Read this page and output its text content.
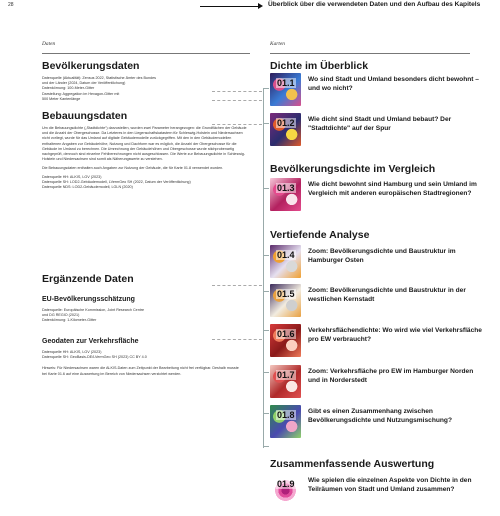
28	Überblick über die verwendeten Daten und den Aufbau des Kapitels
Daten	Karten
Bevölkerungsdaten
Datenquelle (Aktualität): Zensus 2022, Statistische Ämter des Bundes
und der Länder (2024, Datum der Veröffentlichung)
Datenkörnung: 100-Meter-Gitter
Darstellung: Aggregation im Hexagon-Gitter mit
500 Meter Kantenlänge
Bebauungsdaten

Um die Bebauungsdichte („Stadtdichte“) darzustellen, wurden zwei Parameter herangezogen: die Grundflächen der Gebäude und die Anzahl der Obergeschosse. Da Letzteres in den Liegenschaftskatastern für Schleswig-Holstein und Niedersachsen nicht vorliegt, wurde für das Umland auf digitale Gebäudemodelle zurückgegriffen. Mit den in den Gebäudemodellen enthaltenen Angaben zur Gebäudehöhe, Nutzung und Dachform war es möglich, die Anzahl der Obergeschosse für die Gebäude im Umland zu berechnen. Die Umrechnung der Gebäudehöhen und Obergeschosse wurde stichprobenartig nachgeprüft, dennoch sind einzelne Fehlberechnungen nicht ausgeschlossen. Die Werte zur Bebauungsdichte in Schleswig-Holstein und Niedersachsen sind somit als Näherungswerte zu verstehen.

Die Bebauungsdaten enthalten auch Angaben zur Nutzung der Gebäude, die für Karte 01.8 verwendet wurden.

Datenquelle HH: ALKIS, LGV (2023)
Datenquelle SH: LOD2-Gebäudemodell, LVermGeo SH (2022, Datum der Veröffentlichung)
Datenquelle NDS: LOD2-Gebäudemodell, LGLN (2020)

Ergänzende Daten
EU-Bevölkerungsschätzung
Datenquelle: Europäische Kommission, Joint Research Centre
und DG REGIO (2021)
Datenkörnung: 1-Kilometer-Gitter
Geodaten zur Verkehrsfläche
Datenquelle HH: ALKIS, LGV (2023)
Datenquelle SH: GeoBasis-DE/LVermGeo SH (2023) CC BY 4.0

Hinweis: Für Niedersachsen waren die ALKIS-Daten zum Zeitpunkt der Bearbeitung nicht frei verfügbar. Deshalb musste bei Karte 01.6 auf eine Auswertung im Bereich von Niedersachsen verzichtet werden.

Dichte im Überblick
01.1 Wo sind Stadt und Umland besonders dicht bewohnt – und wo nicht?
01.2 Wie dicht sind Stadt und Umland bebaut? Der "Stadtdichte" auf der Spur
Bevölkerungsdichte im Vergleich
01.3 Wie dicht bewohnt sind Hamburg und sein Umland im Vergleich mit anderen europäischen Stadtregionen?
Vertiefende Analyse
01.4 Zoom: Bevölkerungsdichte und Baustruktur im Hamburger Osten
01.5 Zoom: Bevölkerungsdichte und Baustruktur in der westlichen Kernstadt
01.6 Verkehrsflächendichte: Wo wird wie viel Verkehrsfläche pro EW verbraucht?
01.7 Zoom: Verkehrsfläche pro EW im Hamburger Norden und in Norderstedt
01.8 Gibt es einen Zusammenhang zwischen Bevölkerungsdichte und Nutzungsmischung?
Zusammenfassende Auswertung
01.9 Wie spielen die einzelnen Aspekte von Dichte in den Teilräumen von Stadt und Umland zusammen?
